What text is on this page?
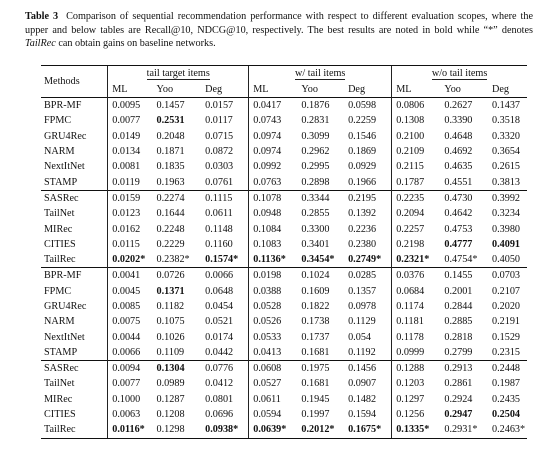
Table 3 Comparison of sequential recommendation performance with respect to different evaluation scopes, where the upper and below tables are Recall@10, NDCG@10, respectively. The best results are noted in bold while “*” denotes TailRec can obtain gains on baseline networks.
Methods	tail target items			w/ tail items			w/o tail items		
	ML	Yoo	Deg	ML	Yoo	Deg	ML	Yoo	Deg
BPR-MF	0.0095	0.1457	0.0157	0.0417	0.1876	0.0598	0.0806	0.2627	0.1437
FPMC	0.0077	0.2531	0.0117	0.0743	0.2831	0.2259	0.1308	0.3390	0.3518
GRU4Rec	0.0149	0.2048	0.0715	0.0974	0.3099	0.1546	0.2100	0.4648	0.3320
NARM	0.0134	0.1871	0.0872	0.0974	0.2962	0.1869	0.2109	0.4692	0.3654
NextItNet	0.0081	0.1835	0.0303	0.0992	0.2995	0.0929	0.2115	0.4635	0.2615
STAMP	0.0119	0.1963	0.0761	0.0763	0.2898	0.1966	0.1787	0.4551	0.3813
SASRec	0.0159	0.2274	0.1115	0.1078	0.3344	0.2195	0.2235	0.4730	0.3992
TailNet	0.0123	0.1644	0.0611	0.0948	0.2855	0.1392	0.2094	0.4642	0.3234
MIRec	0.0162	0.2248	0.1148	0.1084	0.3300	0.2236	0.2257	0.4753	0.3980
CITIES	0.0115	0.2229	0.1160	0.1083	0.3401	0.2380	0.2198	0.4777	0.4091
TailRec	0.0202*	0.2382*	0.1574*	0.1136*	0.3454*	0.2749*	0.2321*	0.4754*	0.4050
BPR-MF	0.0041	0.0726	0.0066	0.0198	0.1024	0.0285	0.0376	0.1455	0.0703
FPMC	0.0045	0.1371	0.0648	0.0388	0.1609	0.1357	0.0684	0.2001	0.2107
GRU4Rec	0.0085	0.1182	0.0454	0.0528	0.1822	0.0978	0.1174	0.2844	0.2020
NARM	0.0075	0.1075	0.0521	0.0526	0.1738	0.1129	0.1181	0.2885	0.2191
NextItNet	0.0044	0.1026	0.0174	0.0533	0.1737	0.054	0.1178	0.2818	0.1529
STAMP	0.0066	0.1109	0.0442	0.0413	0.1681	0.1192	0.0999	0.2799	0.2315
SASRec	0.0094	0.1304	0.0776	0.0608	0.1975	0.1456	0.1288	0.2913	0.2448
TailNet	0.0077	0.0989	0.0412	0.0527	0.1681	0.0907	0.1203	0.2861	0.1987
MIRec	0.1000	0.1287	0.0801	0.0611	0.1945	0.1482	0.1297	0.2924	0.2435
CITIES	0.0063	0.1208	0.0696	0.0594	0.1997	0.1594	0.1256	0.2947	0.2504
TailRec	0.0116*	0.1298	0.0938*	0.0639*	0.2012*	0.1675*	0.1335*	0.2931*	0.2463*
